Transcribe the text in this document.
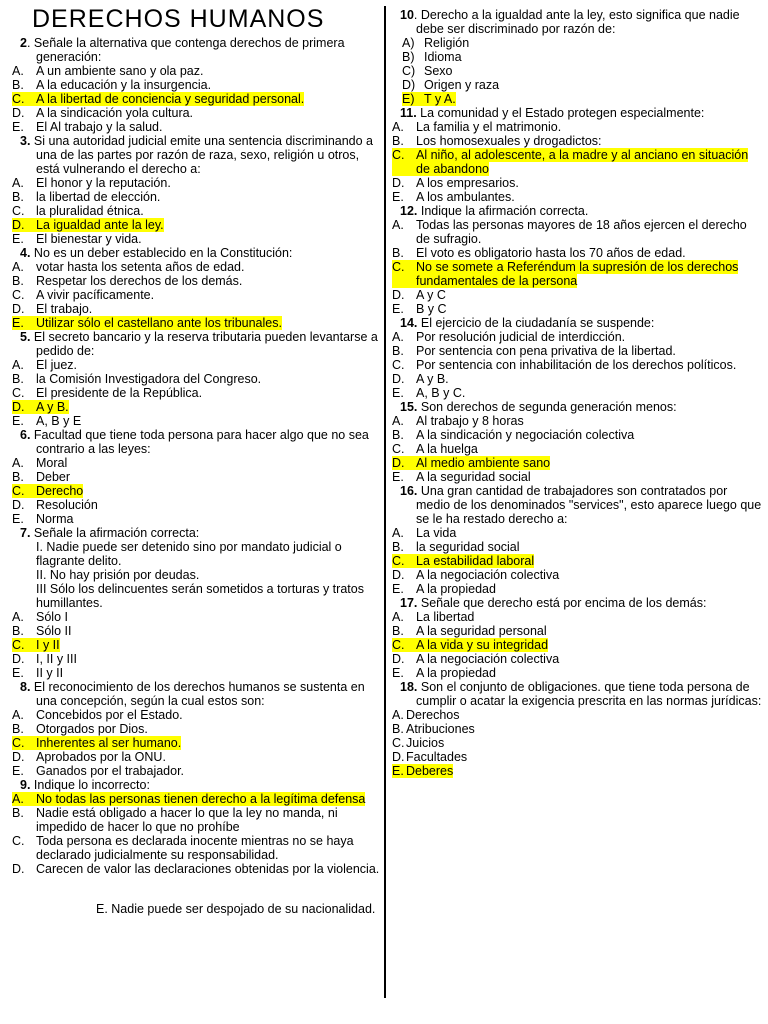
DERECHOS HUMANOS
2. Señale la alternativa que contenga derechos de primera generación:
A. A un ambiente sano y ola paz.
B. A la educación y la insurgencia.
C. A la libertad de conciencia y seguridad personal.
D. A la sindicación yola cultura.
E. El Al trabajo y la salud.
3. Si una autoridad judicial emite una sentencia discriminando a una de las partes por razón de raza, sexo, religión u otros, está vulnerando el derecho a:
A. El honor y la reputación.
B. la libertad de elección.
C. la pluralidad étnica.
D. La igualdad ante la ley.
E. El bienestar y vida.
4. No es un deber establecido en la Constitución:
A. votar hasta los setenta años de edad.
B. Respetar los derechos de los demás.
C. A vivir pacíficamente.
D. El trabajo.
E. Utilizar sólo el castellano ante los tribunales.
5. El secreto bancario y la reserva tributaria pueden levantarse a pedido de:
A. El juez.
B. la Comisión Investigadora del Congreso.
C. El presidente de la República.
D. A y B.
E. A, B y E
6. Facultad que tiene toda persona para hacer algo que no sea contrario a las leyes:
A. Moral
B. Deber
C. Derecho
D. Resolución
E. Norma
7. Señale la afirmación correcta:
I. Nadie puede ser detenido sino por mandato judicial o flagrante delito.
II. No hay prisión por deudas.
III Sólo los delincuentes serán sometidos a torturas y tratos humillantes.
A. Sólo I
B. Sólo II
C. I y II
D. I, II y III
E. II y II
8. El reconocimiento de los derechos humanos se sustenta en una concepción, según la cual estos son:
A. Concebidos por el Estado.
B. Otorgados por Dios.
C. Inherentes al ser humano.
D. Aprobados por la ONU.
E. Ganados por el trabajador.
9. Indique lo incorrecto:
A. No todas las personas tienen derecho a la legítima defensa
B. Nadie está obligado a hacer lo que la ley no manda, ni impedido de hacer lo que no prohíbe
C. Toda persona es declarada inocente mientras no se haya declarado judicialmente su responsabilidad.
D. Carecen de valor las declaraciones obtenidas por la violencia.
10. Derecho a la igualdad ante la ley, esto significa que nadie debe ser discriminado por razón de:
A) Religión
B) Idioma
C) Sexo
D) Origen y raza
E) T y A.
11. La comunidad y el Estado protegen especialmente:
A. La familia y el matrimonio.
B. Los homosexuales y drogadictos:
C. Al niño, al adolescente, a la madre y al anciano en situación de abandono
D. A los empresarios.
E. A los ambulantes.
12. Indique la afirmación correcta.
A. Todas las personas mayores de 18 años ejercen el derecho de sufragio.
B. El voto es obligatorio hasta los 70 años de edad.
C. No se somete a Referéndum la supresión de los derechos fundamentales de la persona
D. A y C
E. B y C
14. El ejercicio de la ciudadanía se suspende:
A. Por resolución judicial de interdicción.
B. Por sentencia con pena privativa de la libertad.
C. Por sentencia con inhabilitación de los derechos políticos.
D. A y B.
E. A, B y C.
15. Son derechos de segunda generación menos:
A. Al trabajo y 8 horas
B. A la sindicación y negociación colectiva
C. A la huelga
D. Al medio ambiente sano
E. A la seguridad social
16. Una gran cantidad de trabajadores son contratados por medio de los denominados "services", esto aparece luego que se le ha restado derecho a:
A. La vida
B. la seguridad social
C. La estabilidad laboral
D. A la negociación colectiva
E. A la propiedad
17. Señale que derecho está por encima de los demás:
A. La libertad
B. A la seguridad personal
C. A la vida y su integridad
D. A la negociación colectiva
E. A la propiedad
18. Son el conjunto de obligaciones. que tiene toda persona de cumplir o acatar la exigencia prescrita en las normas jurídicas:
A. Derechos
B. Atribuciones
C. Juicios
D. Facultades
E. Deberes
E. Nadie puede ser despojado de su nacionalidad.
